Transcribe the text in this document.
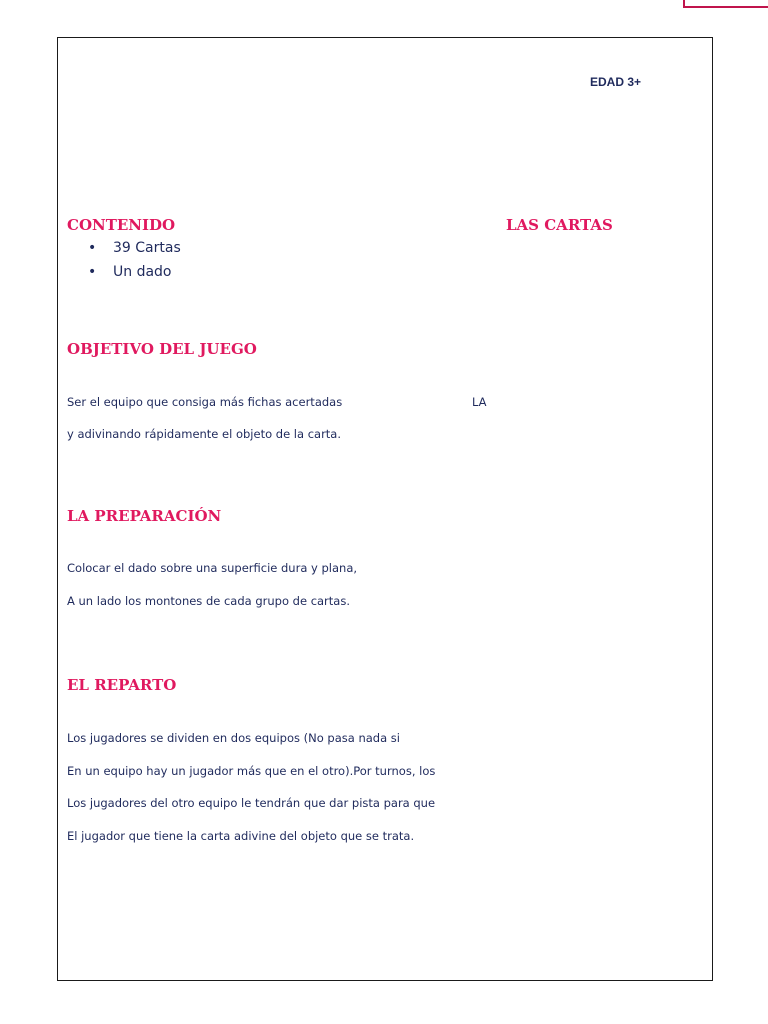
EDAD 3+
CONTENIDO	LAS CARTAS
• 39 Cartas
• Un dado
OBJETIVO DEL JUEGO
Ser el equipo que consiga más fichas acertadas	LA
y adivinando rápidamente el objeto de la carta.
LA PREPARACIÓN
Colocar el dado sobre una superficie dura y plana,
A un lado los montones de cada grupo de cartas.
EL REPARTO
Los jugadores se dividen en dos equipos (No pasa nada si
En un equipo hay un jugador más que en el otro).Por turnos, los
Los jugadores del otro equipo le tendrán que dar pista para que
El jugador que tiene la carta adivine del objeto que se trata.
